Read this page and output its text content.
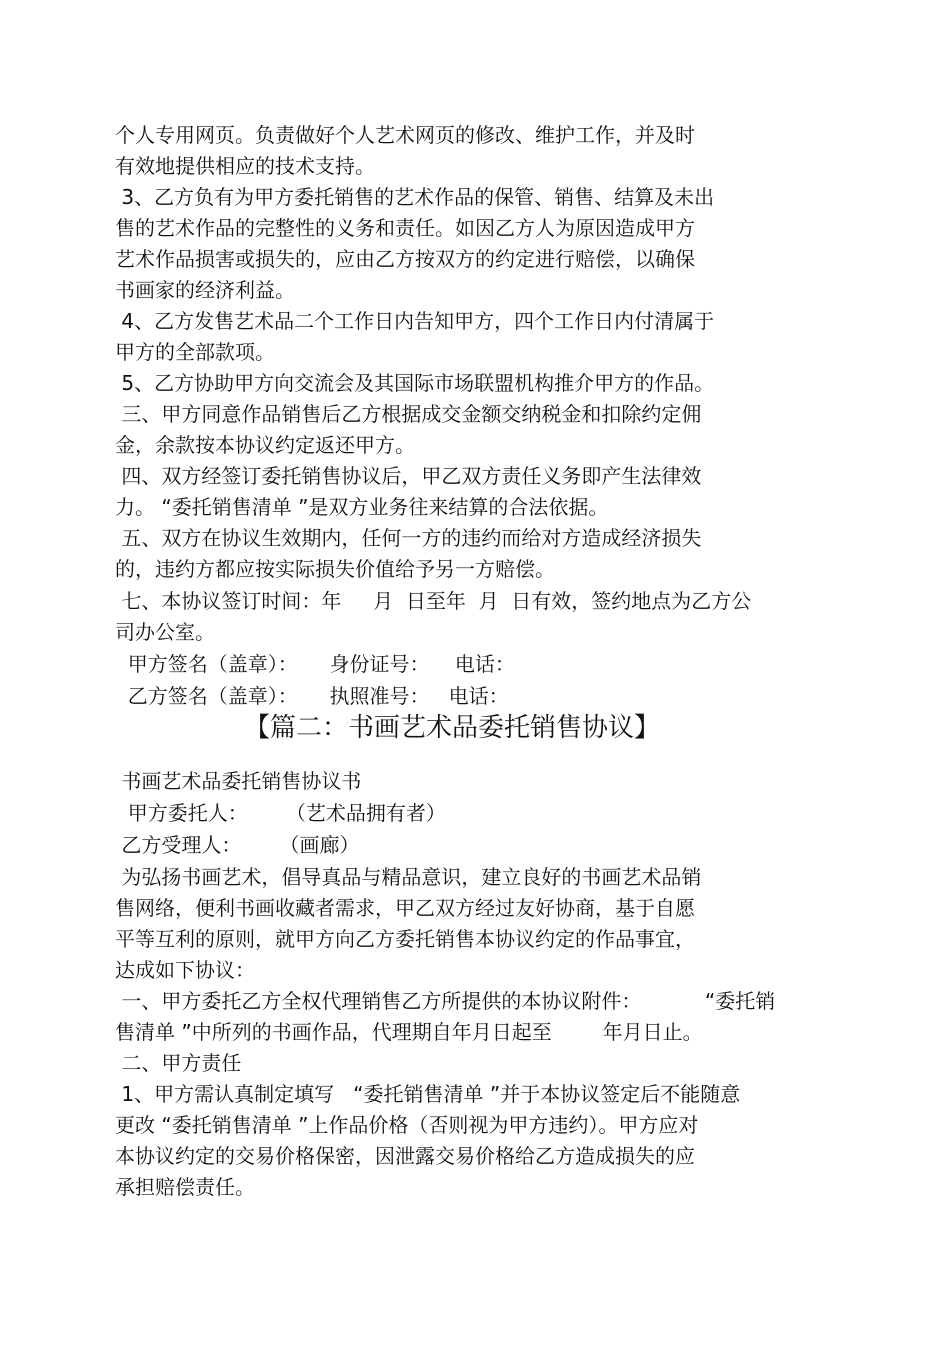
个人专用网页。负责做好个人艺术网页的修改、维护工作，并及时
有效地提供相应的技术支持。
3、乙方负有为甲方委托销售的艺术作品的保管、销售、结算及未出
售的艺术作品的完整性的义务和责任。如因乙方人为原因造成甲方
艺术作品损害或损失的，应由乙方按双方的约定进行赔偿，以确保
书画家的经济利益。
4、乙方发售艺术品二个工作日内告知甲方，四个工作日内付清属于
甲方的全部款项。
5、乙方协助甲方向交流会及其国际市场联盟机构推介甲方的作品。
三、甲方同意作品销售后乙方根据成交金额交纳税金和扣除约定佣
金，余款按本协议约定返还甲方。
四、双方经签订委托销售协议后，甲乙双方责任义务即产生法律效
力。 “委托销售清单 ”是双方业务往来结算的合法依据。
五、双方在协议生效期内，任何一方的违约而给对方造成经济损失
的，违约方都应按实际损失价值给予另一方赔偿。
七、本协议签订时间：年     月  日至年  月  日有效，签约地点为乙方公
司办公室。
甲方签名（盖章）：     身份证号：    电话：
乙方签名（盖章）：     执照准号：   电话：
【篇二：书画艺术品委托销售协议】
书画艺术品委托销售协议书
甲方委托人：      （艺术品拥有者）
乙方受理人：      （画廊）
为弘扬书画艺术，倡导真品与精品意识，建立良好的书画艺术品销
售网络，便利书画收藏者需求，甲乙双方经过友好协商，基于自愿
平等互利的原则，就甲方向乙方委托销售本协议约定的作品事宜，
达成如下协议：
一、甲方委托乙方全权代理销售乙方所提供的本协议附件：          “委托销
售清单 ”中所列的书画作品，代理期自年月日起至        年月日止。
二、甲方责任
1、甲方需认真制定填写   “委托销售清单 ”并于本协议签定后不能随意
更改 “委托销售清单 ”上作品价格（否则视为甲方违约）。甲方应对
本协议约定的交易价格保密，因泄露交易价格给乙方造成损失的应
承担赔偿责任。
